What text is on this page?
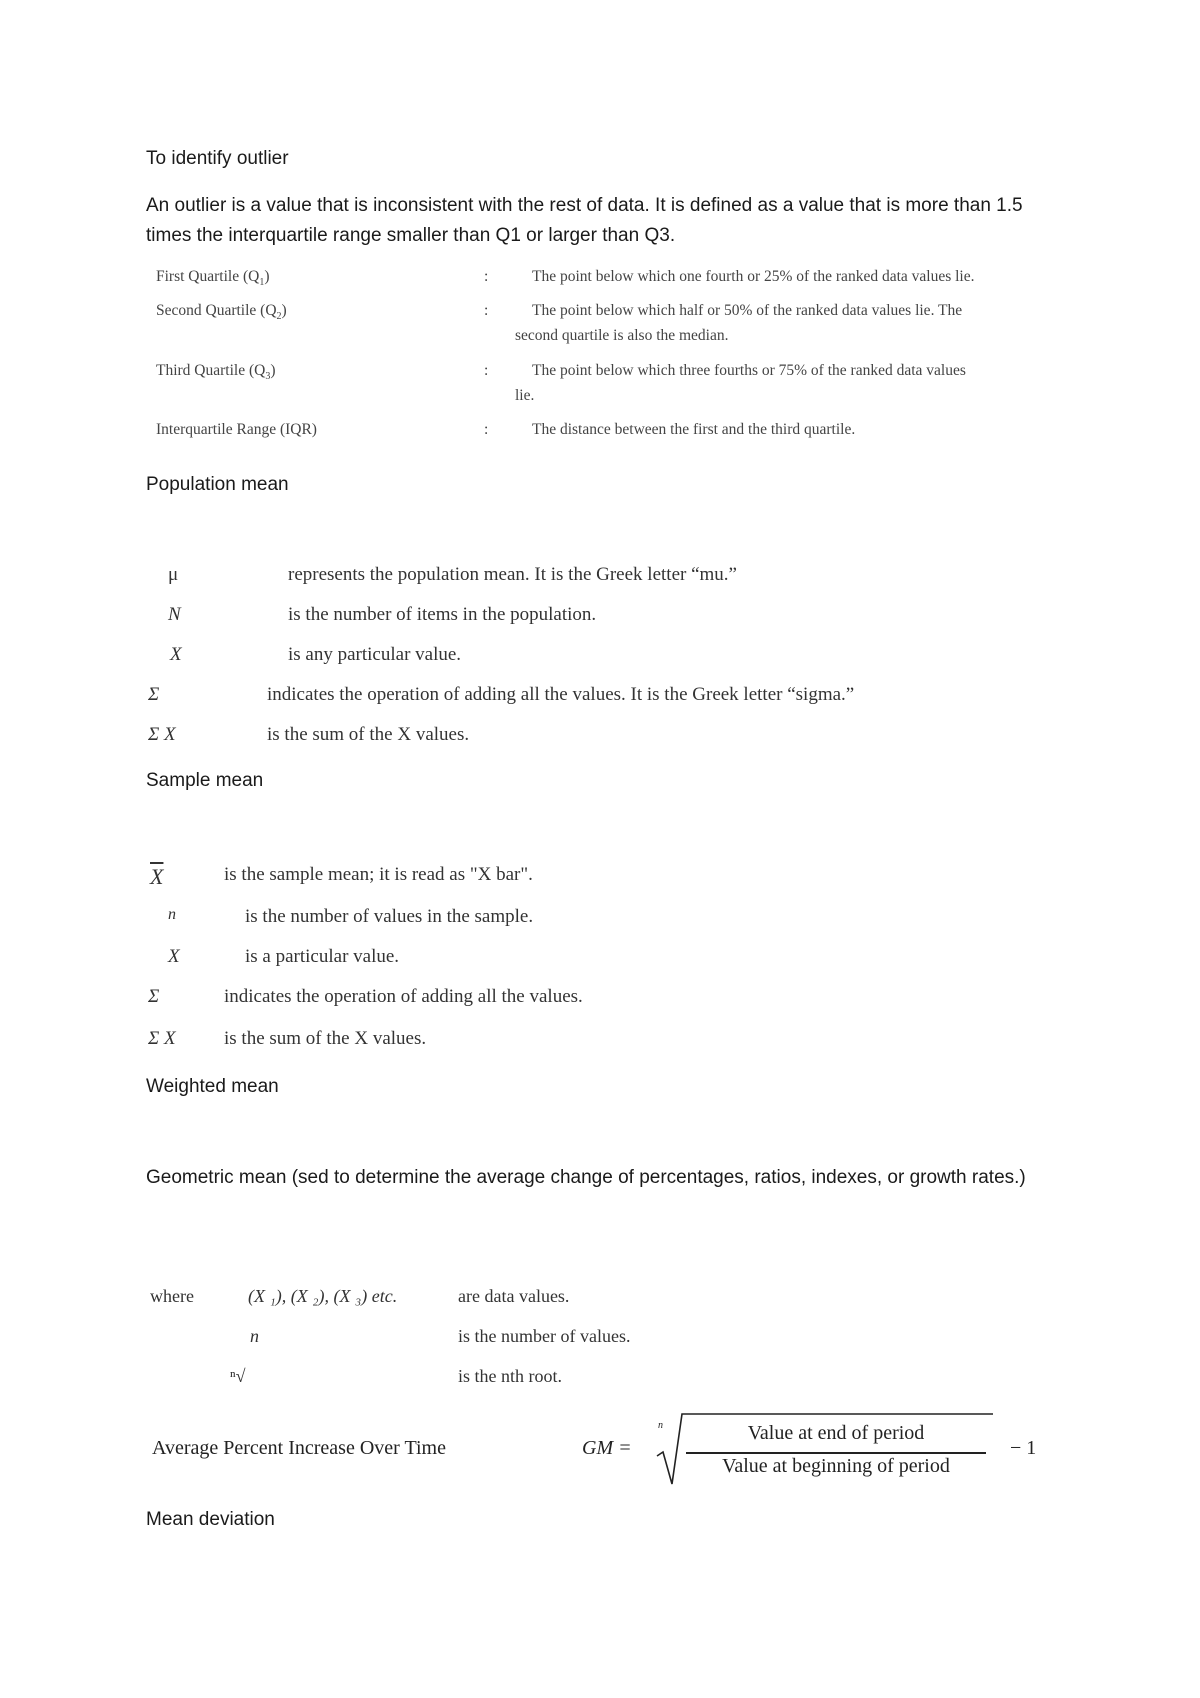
To identify outlier
An outlier is a value that is inconsistent with the rest of data. It is defined as a value that is more than 1.5 times the interquartile range smaller than Q1 or larger than Q3.
First Quartile $(Q_1)$	:	The point below which one fourth or 25% of the ranked data values lie.
Second Quartile $(Q_2)$	:	The point below which half or 50% of the ranked data values lie. The
second quartile is also the median.
Third Quartile $(Q_3)$	:	The point below which three fourths or 75% of the ranked data values
lie.
Interquartile Range (IQR)	:	The distance between the first and the third quartile.
Population mean
μ	represents the population mean. It is the Greek letter “mu.”
N	is the number of items in the population.
X	is any particular value.
Σ	indicates the operation of adding all the values. It is the Greek letter “sigma.”
Σ X	is the sum of the X values.
Sample mean
$\overline{X}$	is the sample mean; it is read as "X bar".
n	is the number of values in the sample.
X	is a particular value.
Σ	indicates the operation of adding all the values.
Σ X	is the sum of the X values.
Weighted mean
Geometric mean (sed to determine the average change of percentages, ratios, indexes, or growth rates.)
where	(X ₁), (X ₂), (X ₃) etc.	are data values.
n	is the number of values.
ⁿ√	is the nth root.
Average Percent Increase Over Time	GM =
n	Value at end of period
Value at beginning of period
− 1
Mean deviation
